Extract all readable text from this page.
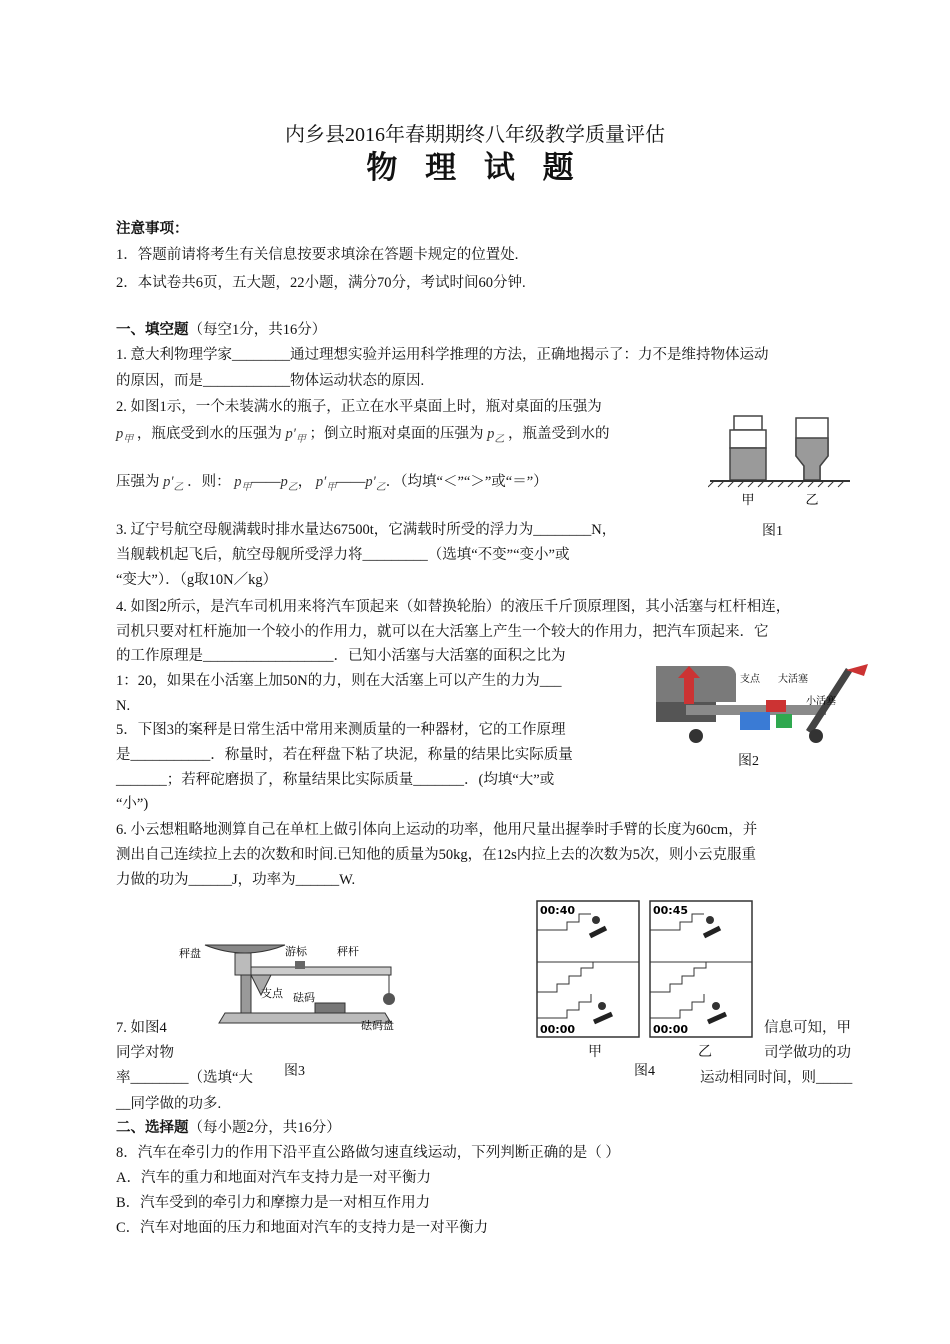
内乡县2016年春期期终八年级教学质量评估
物 理 试 题
注意事项：
1．答题前请将考生有关信息按要求填涂在答题卡规定的位置处.
2．本试卷共6页，五大题，22小题，满分70分，考试时间60分钟.
一、填空题（每空1分，共16分）
1. 意大利物理学家________通过理想实验并运用科学推理的方法，正确地揭示了：力不是维持物体运动
的原因，而是____________物体运动状态的原因.
2. 如图1示，一个未装满水的瓶子，正立在水平桌面上时，瓶对桌面的压强为
$p_甲$ ，瓶底受到水的压强为 $p'_甲$ ；倒立时瓶对桌面的压强为 $p_乙$ ，瓶盖受到水的
压强为 $p'_乙$ ．则： $p_甲——p_乙$， $p'_甲——p'_乙$．（均填“＜”“＞”或“＝”）
甲	乙
3. 辽宁号航空母舰满载时排水量达67500t，它满载时所受的浮力为________N，	图1
当舰载机起飞后，航空母舰所受浮力将_________（选填“不变”“变小”或
“变大”）．（g取10N／kg）
4. 如图2所示，是汽车司机用来将汽车顶起来（如替换轮胎）的液压千斤顶原理图，其小活塞与杠杆相连，
司机只要对杠杆施加一个较小的作用力，就可以在大活塞上产生一个较大的作用力，把汽车顶起来．它
的工作原理是__________________．已知小活塞与大活塞的面积之比为
1：20，如果在小活塞上加50N的力，则在大活塞上可以产生的力为___
N.
支点 大活塞
小活塞
图2
5．下图3的案秤是日常生活中常用来测质量的一种器材，它的工作原理
是___________．称量时，若在秤盘下粘了块泥，称量的结果比实际质量
_______；若秤砣磨损了，称量结果比实际质量_______．(均填“大”或
“小”)
6. 小云想粗略地测算自己在单杠上做引体向上运动的功率，他用尺量出握拳时手臂的长度为60cm，并
测出自己连续拉上去的次数和时间.已知他的质量为50kg，在12s内拉上去的次数为5次，则小云克服重
力做的功为______J，功率为______W.
秤盘	游标	秤杆
支点 砝码
砝码盘
图3
00:40
00:00
00:45
00:00
甲	乙
图4
7. 如图4
同学对物
率________（选填“大
__同学做的功多.
信息可知，甲
司学做功的功
运动相同时间，则_____
二、选择题（每小题2分，共16分）
8．汽车在牵引力的作用下沿平直公路做匀速直线运动，下列判断正确的是（ ）
A．汽车的重力和地面对汽车支持力是一对平衡力
B．汽车受到的牵引力和摩擦力是一对相互作用力
C．汽车对地面的压力和地面对汽车的支持力是一对平衡力
